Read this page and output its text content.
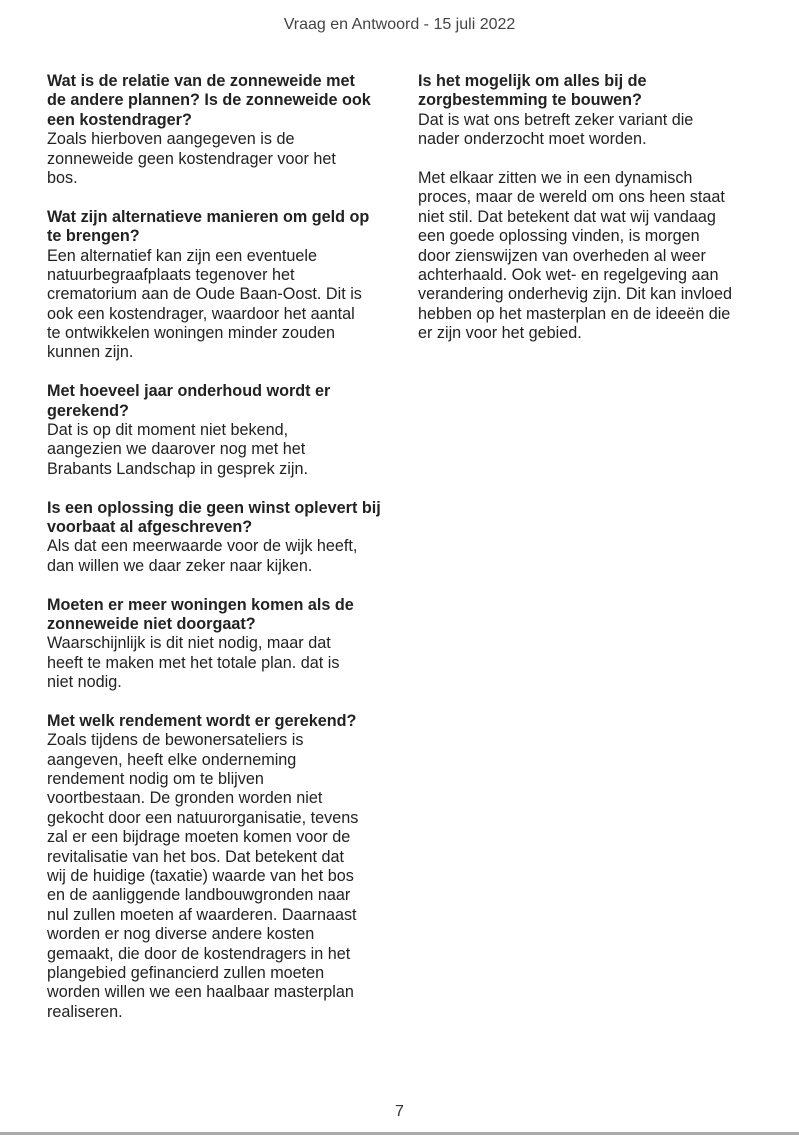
Vraag en Antwoord - 15 juli 2022
Wat is de relatie van de zonneweide met
de andere plannen? Is de zonneweide ook
een kostendrager?
Zoals hierboven aangegeven is de
zonneweide geen kostendrager voor het
bos.
Wat zijn alternatieve manieren om geld op
te brengen?
Een alternatief kan zijn een eventuele
natuurbegraafplaats tegenover het
crematorium aan de Oude Baan-Oost. Dit is
ook een kostendrager, waardoor het aantal
te ontwikkelen woningen minder zouden
kunnen zijn.
Met hoeveel jaar onderhoud wordt er
gerekend?
Dat is op dit moment niet bekend,
aangezien we daarover nog met het
Brabants Landschap in gesprek zijn.
Is een oplossing die geen winst oplevert bij
voorbaat al afgeschreven?
Als dat een meerwaarde voor de wijk heeft,
dan willen we daar zeker naar kijken.
Moeten er meer woningen komen als de
zonneweide niet doorgaat?
Waarschijnlijk is dit niet nodig, maar dat
heeft te maken met het totale plan. dat is
niet nodig.
Met welk rendement wordt er gerekend?
Zoals tijdens de bewonersateliers is
aangeven, heeft elke onderneming
rendement nodig om te blijven
voortbestaan. De gronden worden niet
gekocht door een natuurorganisatie, tevens
zal er een bijdrage moeten komen voor de
revitalisatie van het bos. Dat betekent dat
wij de huidige (taxatie) waarde van het bos
en de aanliggende landbouwgronden naar
nul zullen moeten af waarderen. Daarnaast
worden er nog diverse andere kosten
gemaakt, die door de kostendragers in het
plangebied gefinancierd zullen moeten
worden willen we een haalbaar masterplan
realiseren.
Is het mogelijk om alles bij de
zorgbestemming te bouwen?
Dat is wat ons betreft zeker variant die
nader onderzocht moet worden.
Met elkaar zitten we in een dynamisch
proces, maar de wereld om ons heen staat
niet stil. Dat betekent dat wat wij vandaag
een goede oplossing vinden, is morgen
door zienswijzen van overheden al weer
achterhaald. Ook wet- en regelgeving aan
verandering onderhevig zijn. Dit kan invloed
hebben op het masterplan en de ideeën die
er zijn voor het gebied.
7
